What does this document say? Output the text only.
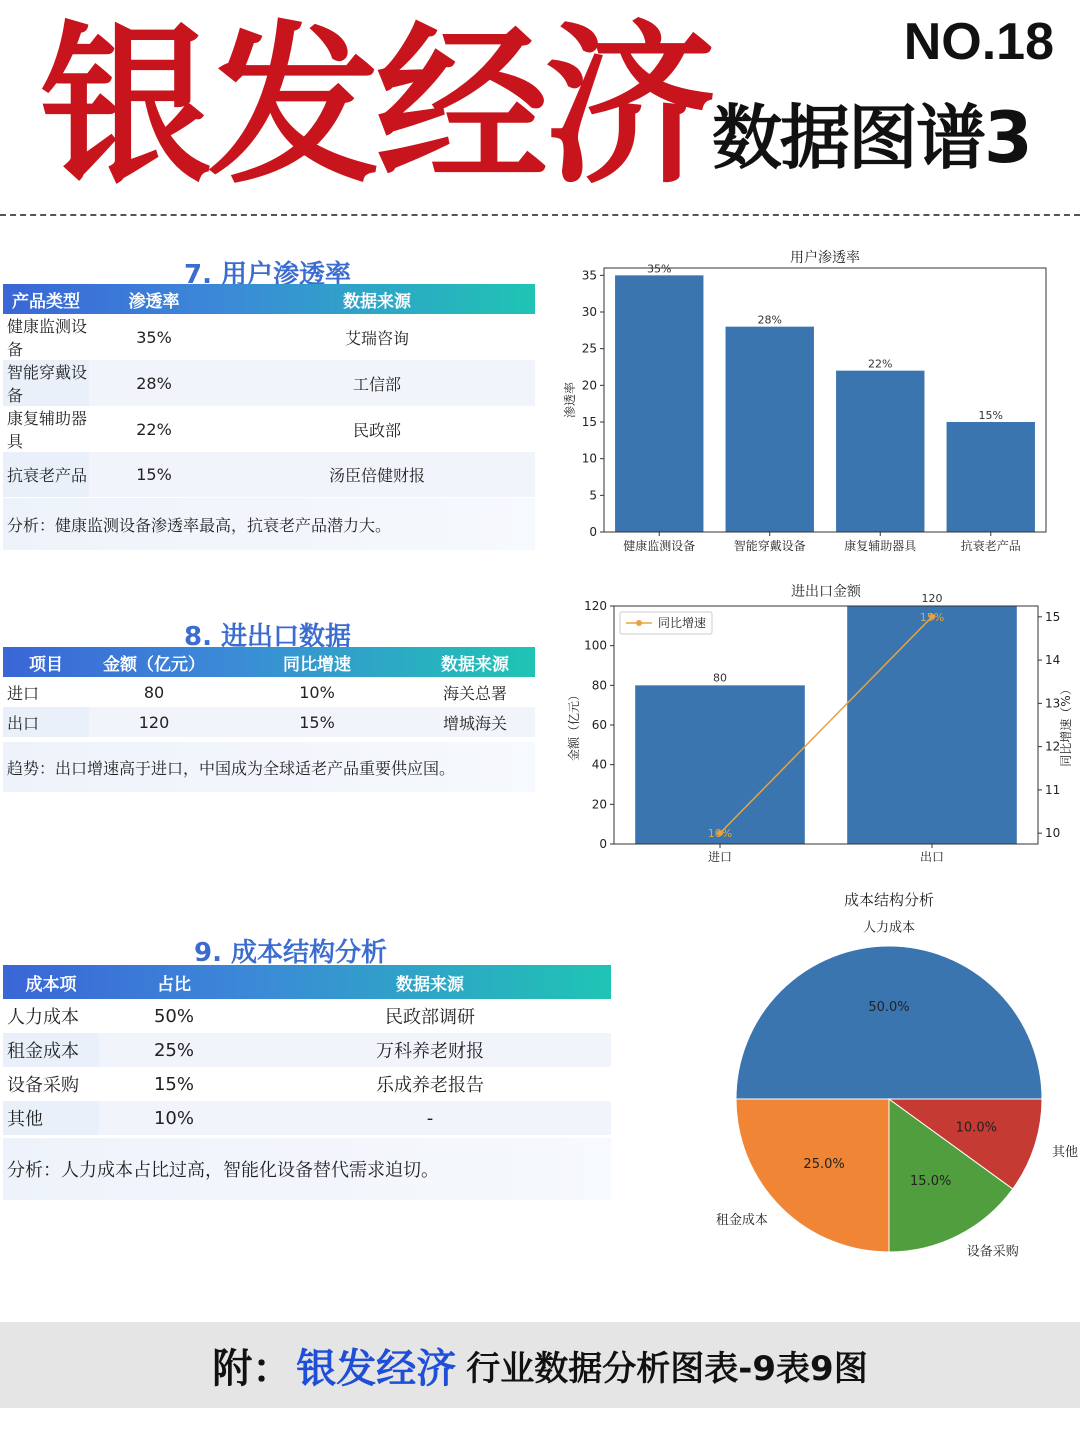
银发经济	NO.18
数据图谱3
7. 用户渗透率
产品类型	渗透率	数据来源
健康监测设备	35%	艾瑞咨询
智能穿戴设备	28%	工信部
康复辅助器具	22%	民政部
抗衰老产品	15%	汤臣倍健财报
分析：健康监测设备渗透率最高，抗衰老产品潜力大。
8. 进出口数据
项目	金额（亿元）	同比增速	数据来源
进口	80	10%	海关总署
出口	120	15%	增城海关
趋势：出口增速高于进口，中国成为全球适老产品重要供应国。
9. 成本结构分析
成本项	占比	数据来源
人力成本	50%	民政部调研
租金成本	25%	万科养老财报
设备采购	15%	乐成养老报告
其他	10%	-
分析：人力成本占比过高，智能化设备替代需求迫切。
用户渗透率
35%
健康监测设备
28%
智能穿戴设备
22%
康复辅助器具
15%
抗衰老产品
0
5
10
15
20
25
30
35
渗透率
进出口金额
80
进口
120
出口
10%
15%
0
20
40
60
80
100
120
10
11
12
13
14
15
金额（亿元）	同比增速（%）
同比增速
成本结构分析
50.0%
人力成本
25.0%
租金成本
15.0%
设备采购
10.0%
其他
附： 银发经济 行业数据分析图表-9表9图
